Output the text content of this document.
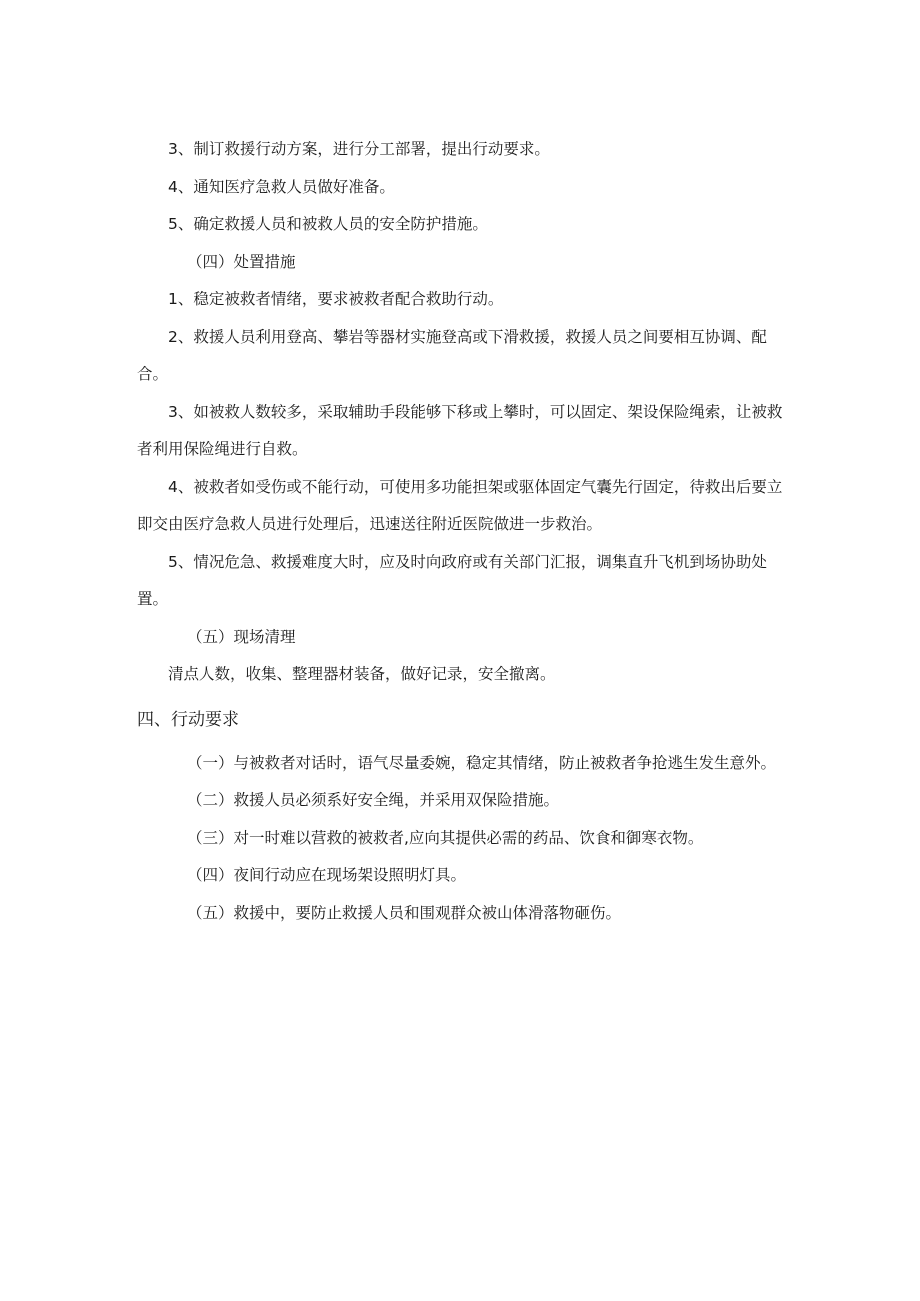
3、制订救援行动方案，进行分工部署，提出行动要求。

4、通知医疗急救人员做好准备。

5、确定救援人员和被救人员的安全防护措施。

（四）处置措施

1、稳定被救者情绪，要求被救者配合救助行动。

2、救援人员利用登高、攀岩等器材实施登高或下滑救援，救援人员之间要相互协调、配合。

3、如被救人数较多，采取辅助手段能够下移或上攀时，可以固定、架设保险绳索，让被救者利用保险绳进行自救。

4、被救者如受伤或不能行动，可使用多功能担架或驱体固定气囊先行固定，待救出后要立即交由医疗急救人员进行处理后，迅速送往附近医院做进一步救治。

5、情况危急、救援难度大时，应及时向政府或有关部门汇报，调集直升飞机到场协助处置。

（五）现场清理

清点人数，收集、整理器材装备，做好记录，安全撤离。

四、行动要求

（一）与被救者对话时，语气尽量委婉，稳定其情绪，防止被救者争抢逃生发生意外。

（二）救援人员必须系好安全绳，并采用双保险措施。

（三）对一时难以营救的被救者,应向其提供必需的药品、饮食和御寒衣物。

（四）夜间行动应在现场架设照明灯具。

（五）救援中，要防止救援人员和围观群众被山体滑落物砸伤。
